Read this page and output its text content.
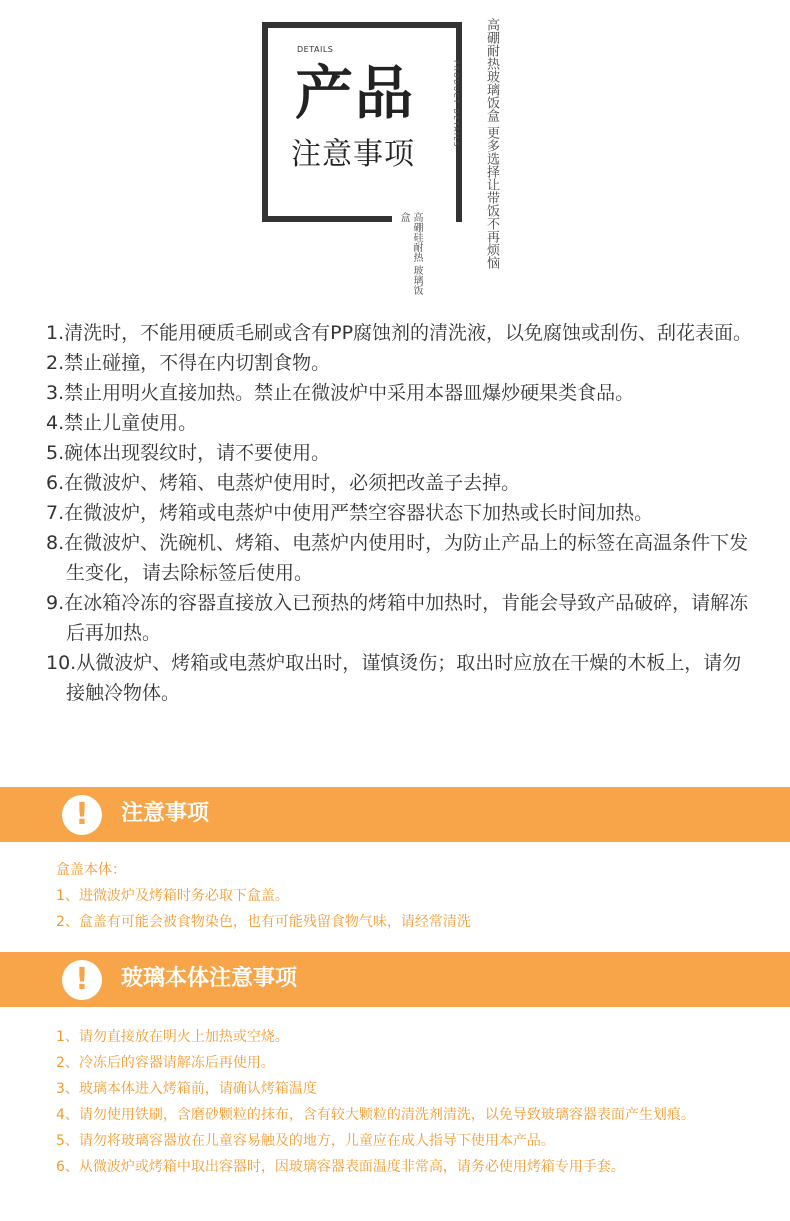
DETAILS
产品
注意事项
PRODUCT DETAILS 高硼耐热玻璃饭盒 更多选择让带饭不再烦恼
高硼硅耐热 玻璃饭盒
1.清洗时，不能用硬质毛刷或含有PP腐蚀剂的清洗液，以免腐蚀或刮伤、刮花表面。
2.禁止碰撞，不得在内切割食物。
3.禁止用明火直接加热。禁止在微波炉中采用本器皿爆炒硬果类食品。
4.禁止儿童使用。
5.碗体出现裂纹时，请不要使用。
6.在微波炉、烤箱、电蒸炉使用时，必须把改盖子去掉。
7.在微波炉，烤箱或电蒸炉中使用严禁空容器状态下加热或长时间加热。
8.在微波炉、洗碗机、烤箱、电蒸炉内使用时，为防止产品上的标签在高温条件下发生变化，请去除标签后使用。
9.在冰箱冷冻的容器直接放入已预热的烤箱中加热时，肯能会导致产品破碎，请解冻后再加热。
10.从微波炉、烤箱或电蒸炉取出时，谨慎烫伤；取出时应放在干燥的木板上，请勿接触冷物体。
!	注意事项
盒盖本体：
1、进微波炉及烤箱时务必取下盒盖。
2、盒盖有可能会被食物染色，也有可能残留食物气味，请经常清洗
!	玻璃本体注意事项
1、请勿直接放在明火上加热或空烧。
2、冷冻后的容器请解冻后再使用。
3、玻璃本体进入烤箱前，请确认烤箱温度
4、请勿使用铁刷，含磨砂颗粒的抹布，含有较大颗粒的清洗剂清洗，以免导致玻璃容器表面产生划痕。
5、请勿将玻璃容器放在儿童容易触及的地方，儿童应在成人指导下使用本产品。
6、从微波炉或烤箱中取出容器时，因玻璃容器表面温度非常高，请务必使用烤箱专用手套。
